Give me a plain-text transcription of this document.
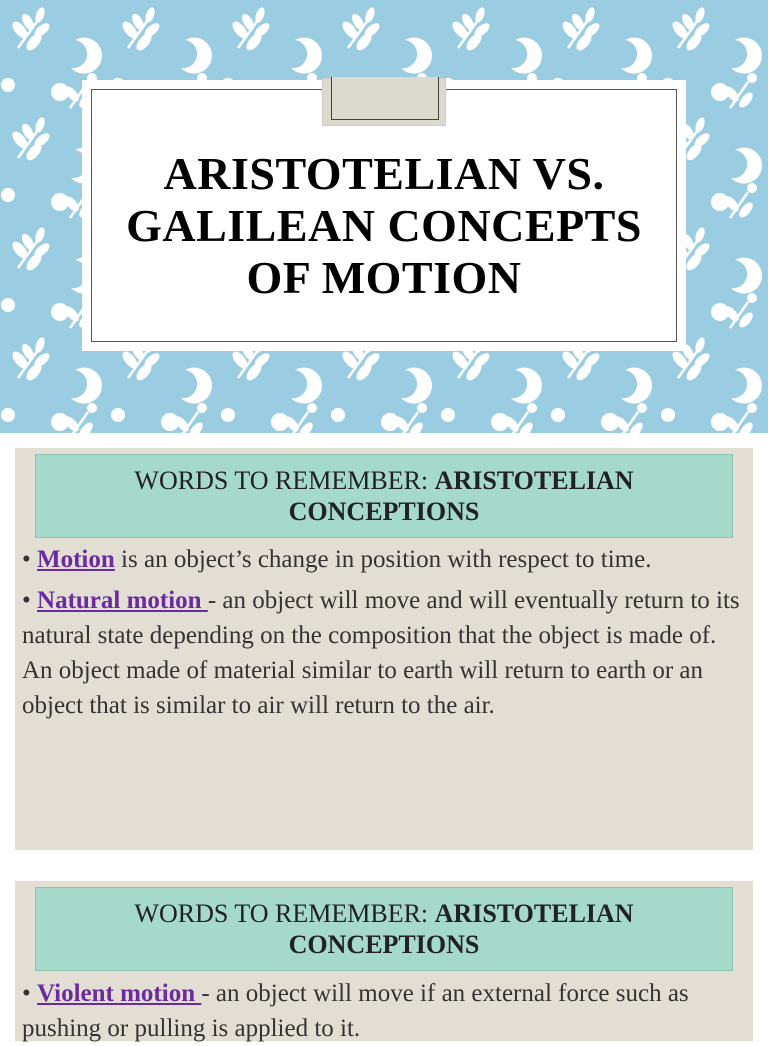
ARISTOTELIAN VS.
GALILEAN CONCEPTS
OF MOTION
WORDS TO REMEMBER: ARISTOTELIAN
CONCEPTIONS
• Motion is an object’s change in position with respect to time.
• Natural motion - an object will move and will eventually return to its natural state depending on the composition that the object is made of. An object made of material similar to earth will return to earth or an object that is similar to air will return to the air.
WORDS TO REMEMBER: ARISTOTELIAN
CONCEPTIONS
• Violent motion - an object will move if an external force such as pushing or pulling is applied to it.
